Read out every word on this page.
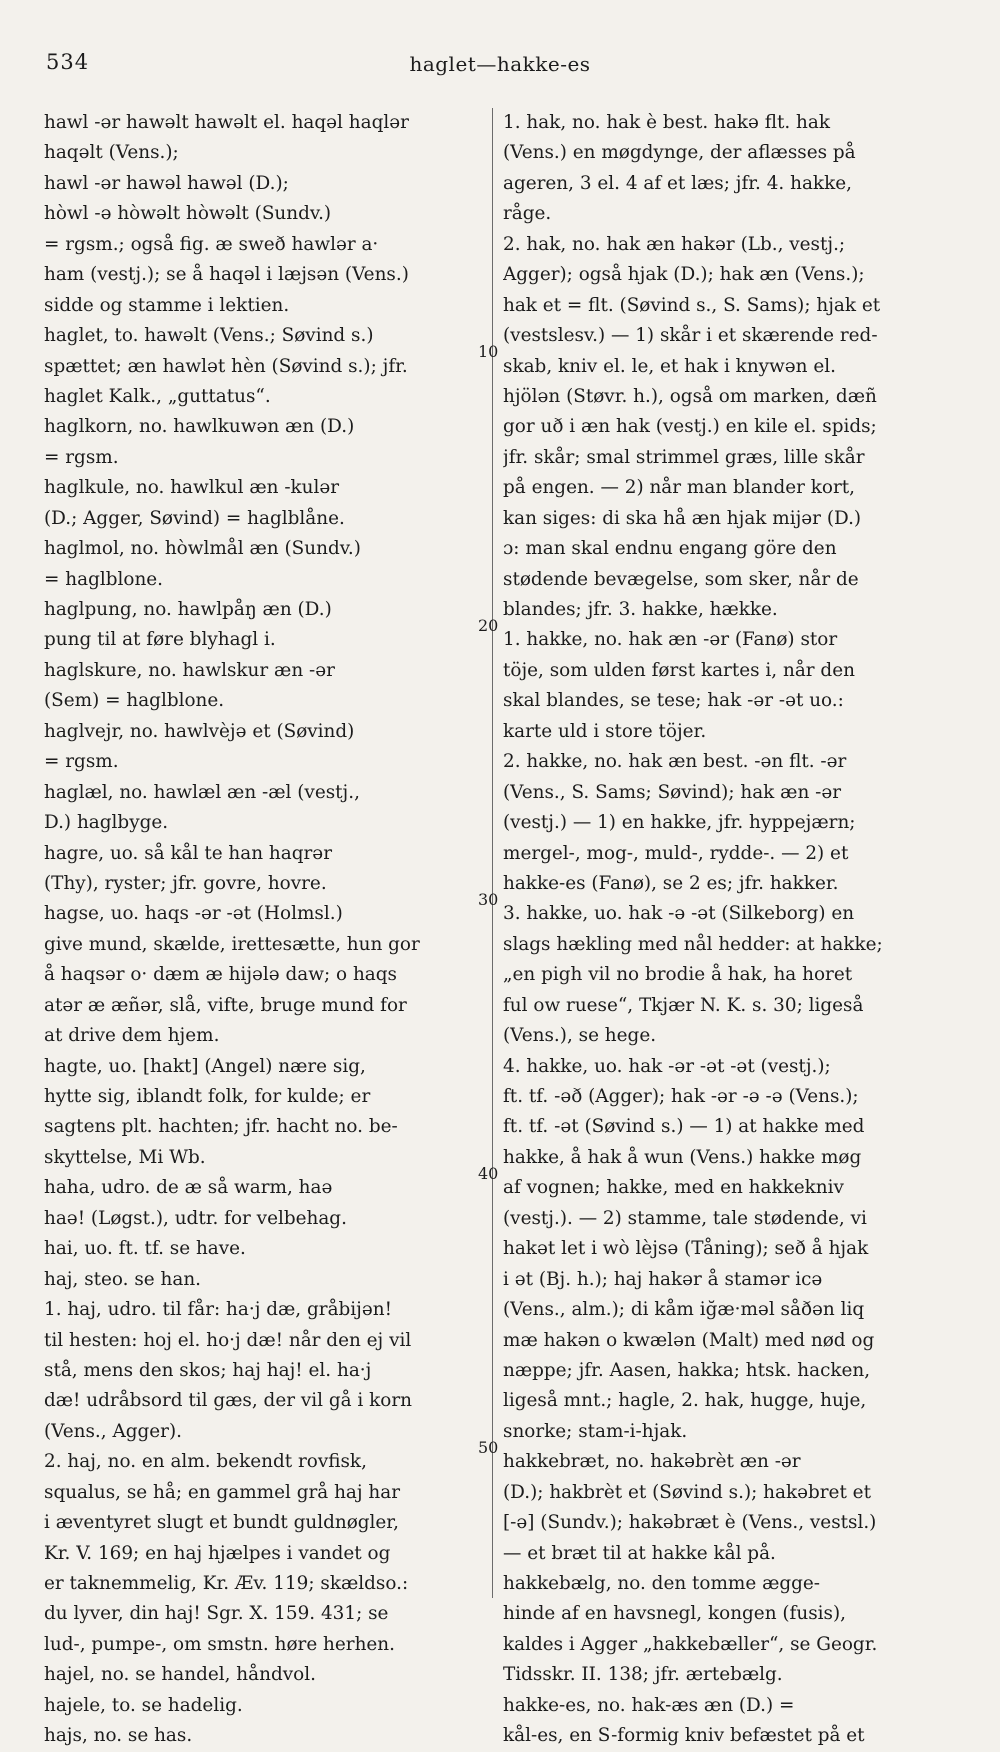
534	haglet—hakke-es
hawl -ər hawəlt hawəlt el. haqəl haqlər
haqəlt (Vens.);
hawl -ər hawəl hawəl (D.);
hòwl -ə hòwəlt hòwəlt (Sundv.)
= rgsm.; også fig. æ sweð hawlər a·
ham (vestj.); se å haqəl i læjsən (Vens.)
sidde og stamme i lektien.
haglet, to. hawəlt (Vens.; Søvind s.)
spættet; æn hawlət hèn (Søvind s.); jfr.
haglet Kalk., „guttatus“.
haglkorn, no. hawlkuwən æn (D.)
= rgsm.
haglkule, no. hawlkul æn -kulər
(D.; Agger, Søvind) = haglblåne.
haglmol, no. hòwlmål æn (Sundv.)
= haglblone.
haglpung, no. hawlpåŋ æn (D.)
pung til at føre blyhagl i.
haglskure, no. hawlskur æn -ər
(Sem) = haglblone.
haglvejr, no. hawlvèjə et (Søvind)
= rgsm.
haglæl, no. hawlæl æn -æl (vestj.,
D.) haglbyge.
hagre, uo. så kål te han haqrər
(Thy), ryster; jfr. govre, hovre.
hagse, uo. haqs -ər -ət (Holmsl.)
give mund, skælde, irettesætte, hun gor
å haqsər o· dæm æ hijələ daw; o haqs
atər æ æñər, slå, vifte, bruge mund for
at drive dem hjem.
hagte, uo. [hakt] (Angel) nære sig,
hytte sig, iblandt folk, for kulde; er
sagtens plt. hachten; jfr. hacht no. be-
skyttelse, Mi Wb.
haha, udro. de æ så warm, haə
haə! (Løgst.), udtr. for velbehag.
hai, uo. ft. tf. se have.
haj, steo. se han.
1. haj, udro. til får: ha·j dæ, gråbijən!
til hesten: hoj el. ho·j dæ! når den ej vil
stå, mens den skos; haj haj! el. ha·j
dæ! udråbsord til gæs, der vil gå i korn
(Vens., Agger).
2. haj, no. en alm. bekendt rovfisk,
squalus, se hå; en gammel grå haj har
i æventyret slugt et bundt guldnøgler,
Kr. V. 169; en haj hjælpes i vandet og
er taknemmelig, Kr. Æv. 119; skældso.:
du lyver, din haj! Sgr. X. 159. 431; se
lud-, pumpe-, om smstn. høre herhen.
hajel, no. se handel, håndvol.
hajele, to. se hadelig.
hajs, no. se has.
1. hak, no. hak è best. hakə flt. hak
(Vens.) en møgdynge, der aflæsses på
ageren, 3 el. 4 af et læs; jfr. 4. hakke,
råge.
2. hak, no. hak æn hakər (Lb., vestj.;
Agger); også hjak (D.); hak æn (Vens.);
hak et = flt. (Søvind s., S. Sams); hjak et
(vestslesv.) — 1) skår i et skærende red-
skab, kniv el. le, et hak i knywən el.
hjölən (Støvr. h.), også om marken, dæñ
gor uð i æn hak (vestj.) en kile el. spids;
jfr. skår; smal strimmel græs, lille skår
på engen. — 2) når man blander kort,
kan siges: di ska hå æn hjak mijər (D.)
ɔ: man skal endnu engang göre den
stødende bevægelse, som sker, når de
blandes; jfr. 3. hakke, hække.
1. hakke, no. hak æn -ər (Fanø) stor
töje, som ulden først kartes i, når den
skal blandes, se tese; hak -ər -ət uo.:
karte uld i store töjer.
2. hakke, no. hak æn best. -ən flt. -ər
(Vens., S. Sams; Søvind); hak æn -ər
(vestj.) — 1) en hakke, jfr. hyppejærn;
mergel-, mog-, muld-, rydde-. — 2) et
hakke-es (Fanø), se 2 es; jfr. hakker.
3. hakke, uo. hak -ə -ət (Silkeborg) en
slags hækling med nål hedder: at hakke;
„en pigh vil no brodie å hak, ha horet
ful ow ruese“, Tkjær N. K. s. 30; ligeså
(Vens.), se hege.
4. hakke, uo. hak -ər -ət -ət (vestj.);
ft. tf. -əð (Agger); hak -ər -ə -ə (Vens.);
ft. tf. -ət (Søvind s.) — 1) at hakke med
hakke, å hak å wun (Vens.) hakke møg
af vognen; hakke, med en hakkekniv
(vestj.). — 2) stamme, tale stødende, vi
hakət let i wò lèjsə (Tåning); seð å hjak
i ət (Bj. h.); haj hakər å stamər icə
(Vens., alm.); di kåm iğæ·məl såðən liq
mæ hakən o kwælən (Malt) med nød og
næppe; jfr. Aasen, hakka; htsk. hacken,
ligeså mnt.; hagle, 2. hak, hugge, huje,
snorke; stam-i-hjak.
hakkebræt, no. hakəbrèt æn -ər
(D.); hakbrèt et (Søvind s.); hakəbret et
[-ə] (Sundv.); hakəbræt è (Vens., vestsl.)
— et bræt til at hakke kål på.
hakkebælg, no. den tomme ægge-
hinde af en havsnegl, kongen (fusis),
kaldes i Agger „hakkebæller“, se Geogr.
Tidsskr. II. 138; jfr. ærtebælg.
hakke-es, no. hak-æs æn (D.) =
kål-es, en S-formig kniv befæstet på et
10
20
30
40
50
